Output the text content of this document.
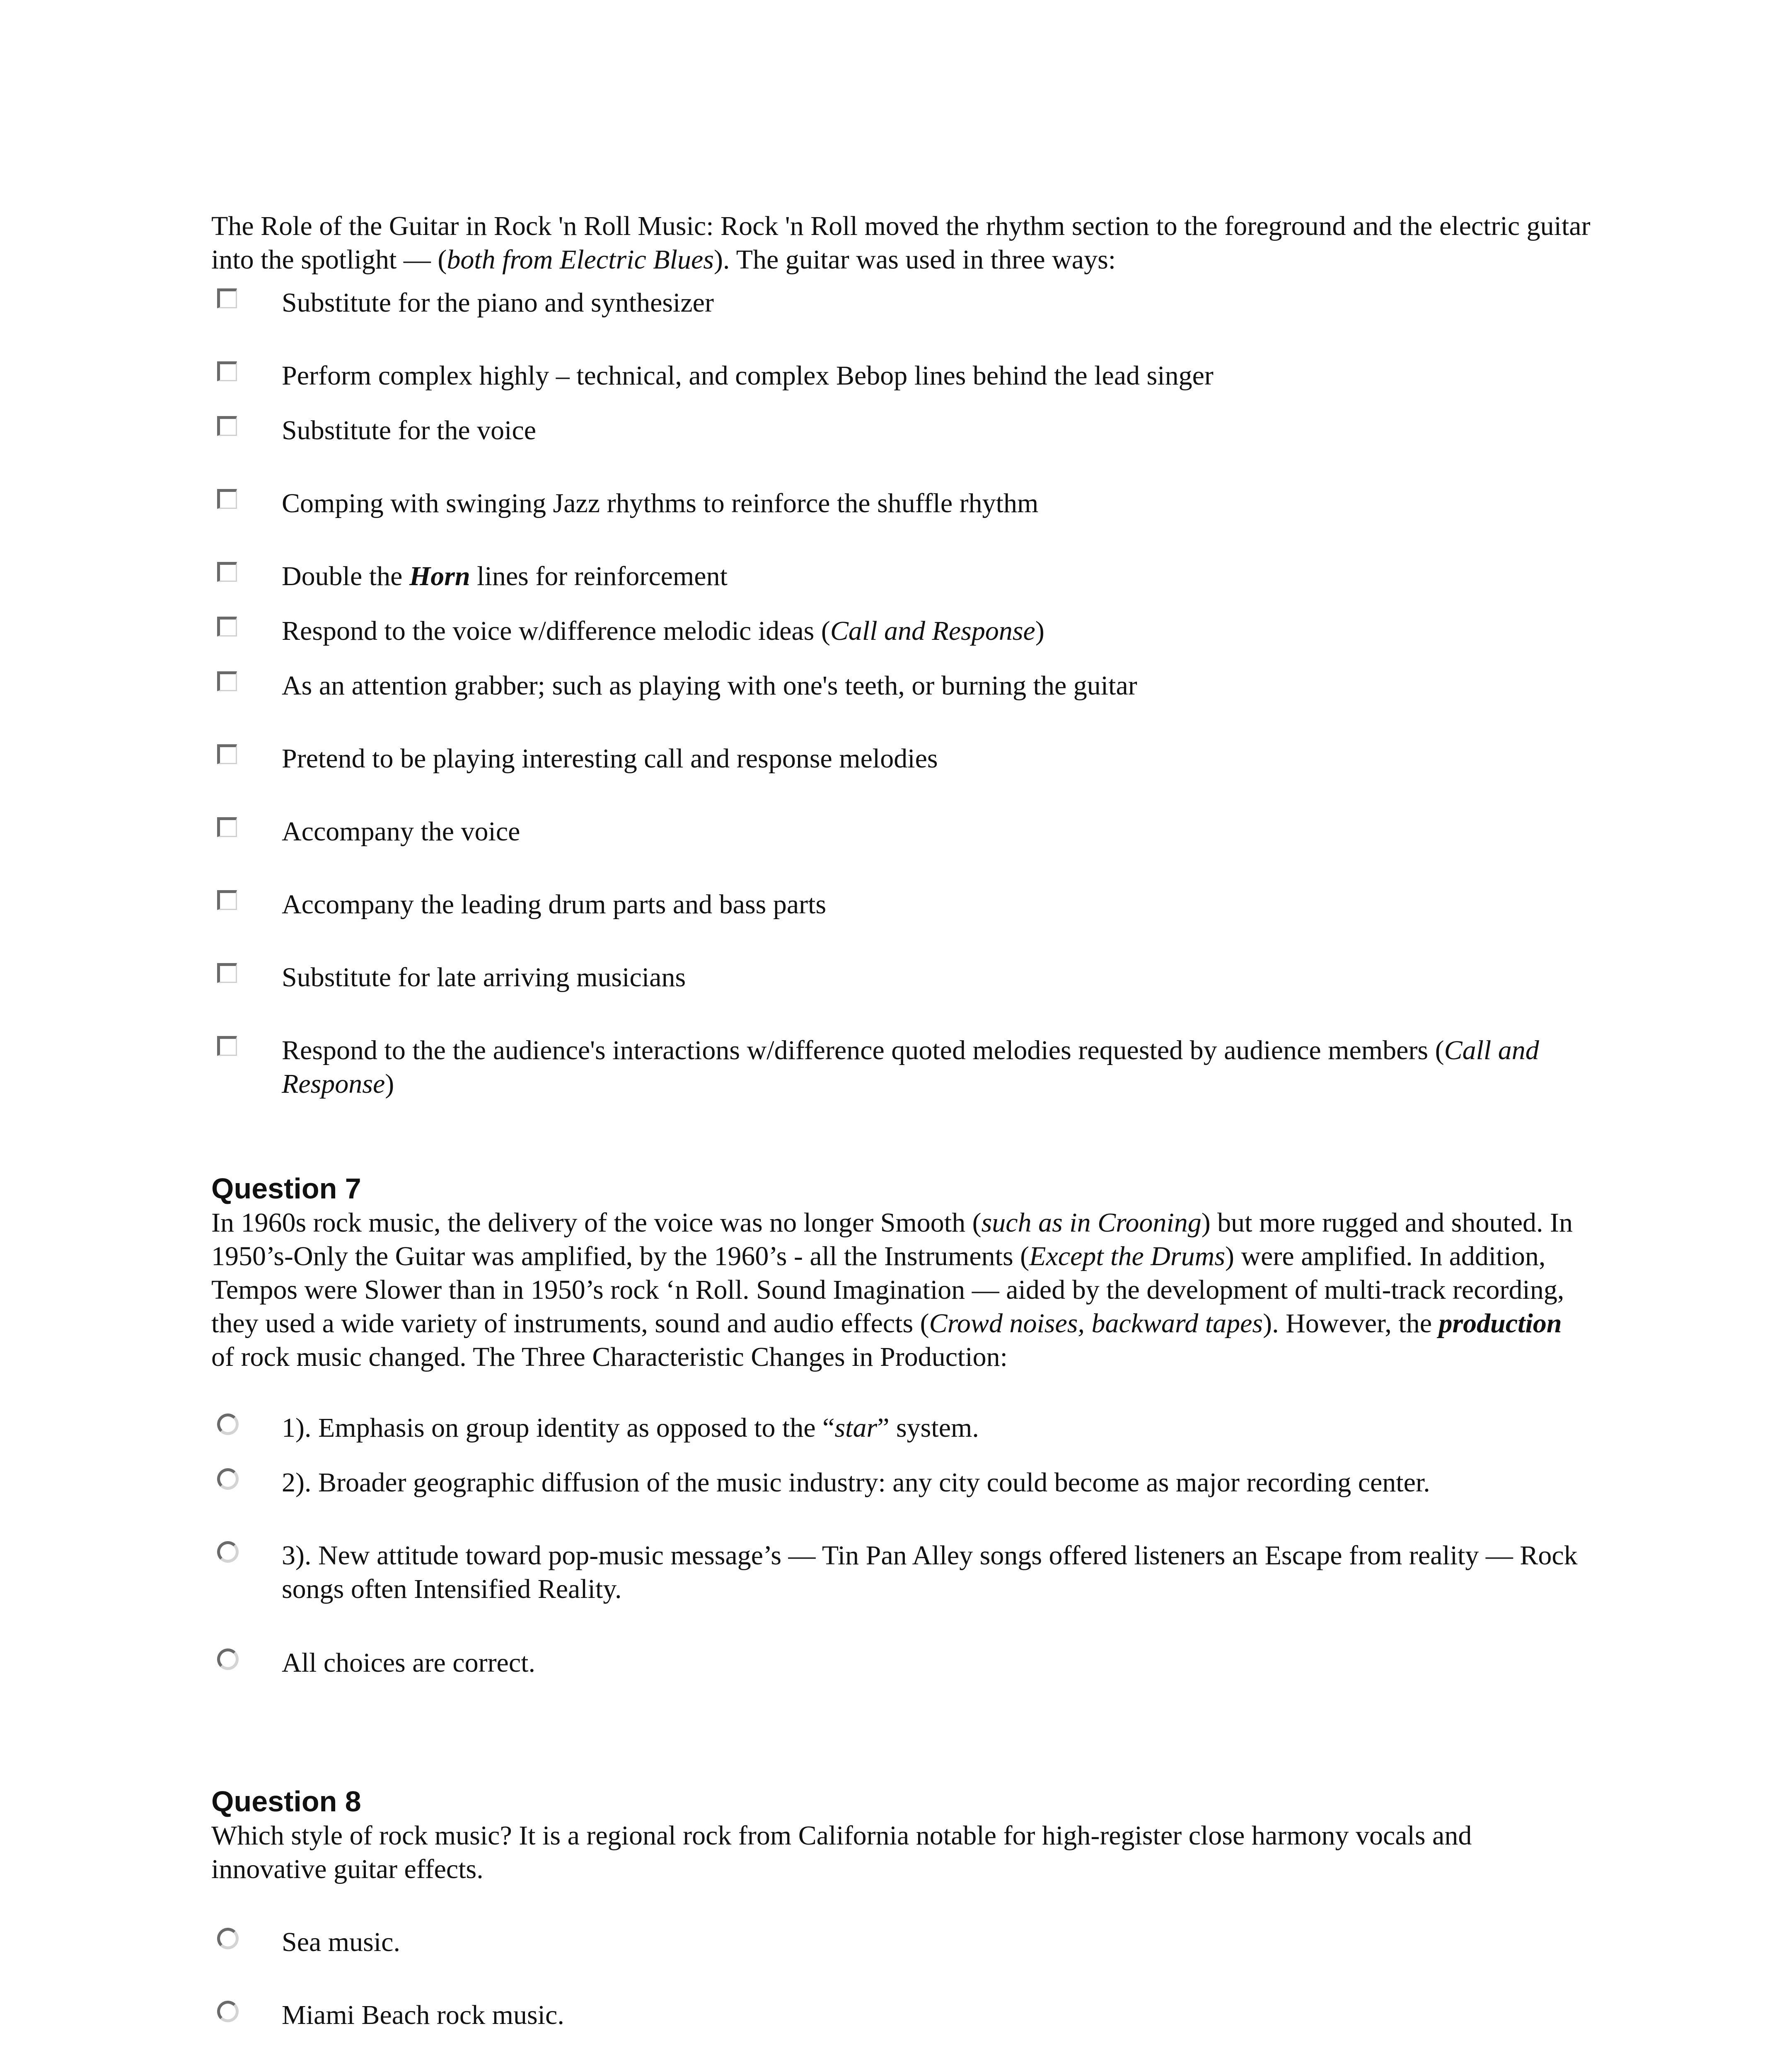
The Role of the Guitar in Rock 'n Roll Music: Rock 'n Roll moved the rhythm section to the foreground and the electric guitar into the spotlight — (both from Electric Blues). The guitar was used in three ways:

Substitute for the piano and synthesizer
Perform complex highly – technical, and complex Bebop lines behind the lead singer
Substitute for the voice
Comping with swinging Jazz rhythms to reinforce the shuffle rhythm
Double the Horn lines for reinforcement
Respond to the voice w/difference melodic ideas (Call and Response)
As an attention grabber; such as playing with one's teeth, or burning the guitar
Pretend to be playing interesting call and response melodies
Accompany the voice
Accompany the leading drum parts and bass parts
Substitute for late arriving musicians
Respond to the the audience's interactions w/difference quoted melodies requested by audience members (Call and Response)
Question 7

In 1960s rock music, the delivery of the voice was no longer Smooth (such as in Crooning) but more rugged and shouted. In 1950’s-Only the Guitar was amplified, by the 1960’s - all the Instruments (Except the Drums) were amplified. In addition, Tempos were Slower than in 1950’s rock ‘n Roll. Sound Imagination — aided by the development of multi-track recording, they used a wide variety of instruments, sound and audio effects (Crowd noises, backward tapes). However, the production of rock music changed. The Three Characteristic Changes in Production:

1). Emphasis on group identity as opposed to the “star” system.
2). Broader geographic diffusion of the music industry: any city could become as major recording center.
3). New attitude toward pop-music message’s — Tin Pan Alley songs offered listeners an Escape from reality — Rock songs often Intensified Reality.
All choices are correct.
Question 8

Which style of rock music? It is a regional rock from California notable for high-register close harmony vocals and innovative guitar effects.

Sea music.
Miami Beach rock music.
